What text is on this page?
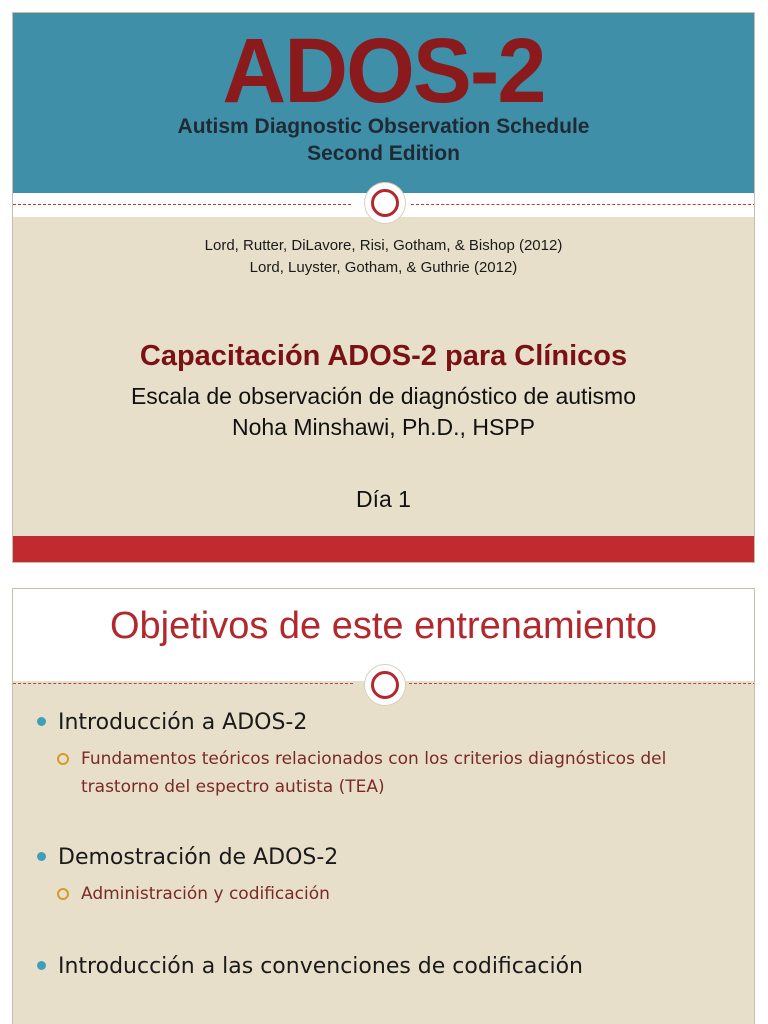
ADOS-2
Autism Diagnostic Observation Schedule
Second Edition
Lord, Rutter, DiLavore, Risi, Gotham, & Bishop (2012)
Lord, Luyster, Gotham, & Guthrie (2012)
Capacitación ADOS-2 para Clínicos
Escala de observación de diagnóstico de autismo
Noha Minshawi, Ph.D., HSPP
Día 1
Objetivos de este entrenamiento
Introducción a ADOS-2
Fundamentos teóricos relacionados con los criterios diagnósticos del trastorno del espectro autista (TEA)
Demostración de ADOS-2
Administración y codificación
Introducción a las convenciones de codificación
